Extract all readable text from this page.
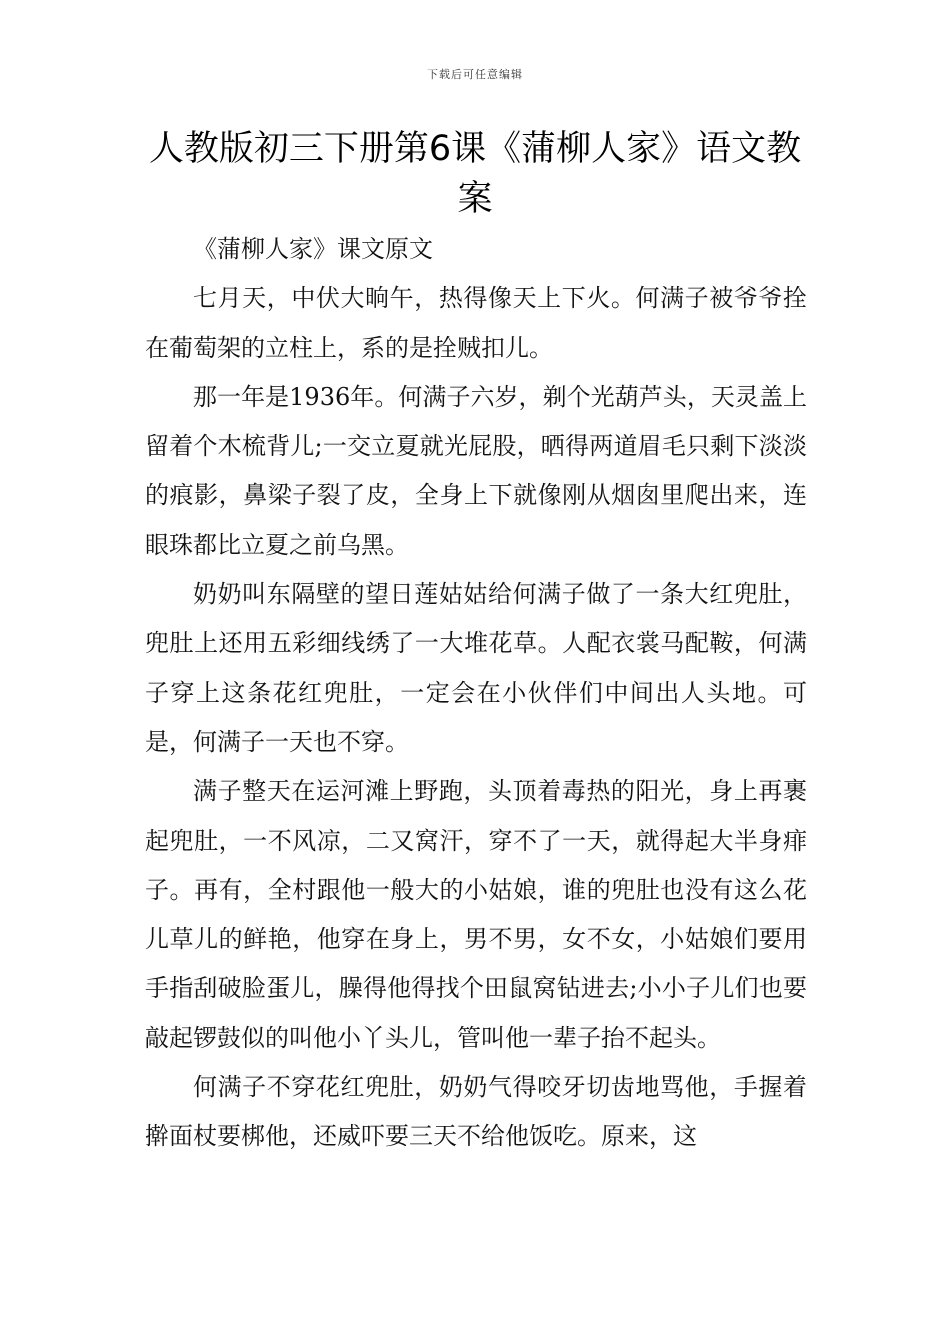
下载后可任意编辑
人教版初三下册第6课《蒲柳人家》语文教案

《蒲柳人家》课文原文

七月天，中伏大晌午，热得像天上下火。何满子被爷爷拴在葡萄架的立柱上，系的是拴贼扣儿。

那一年是1936年。何满子六岁，剃个光葫芦头，天灵盖上留着个木梳背儿;一交立夏就光屁股，晒得两道眉毛只剩下淡淡的痕影，鼻梁子裂了皮，全身上下就像刚从烟囱里爬出来，连眼珠都比立夏之前乌黑。

奶奶叫东隔壁的望日莲姑姑给何满子做了一条大红兜肚，兜肚上还用五彩细线绣了一大堆花草。人配衣裳马配鞍，何满子穿上这条花红兜肚，一定会在小伙伴们中间出人头地。可是，何满子一天也不穿。

满子整天在运河滩上野跑，头顶着毒热的阳光，身上再裹起兜肚，一不风凉，二又窝汗，穿不了一天，就得起大半身痱子。再有，全村跟他一般大的小姑娘，谁的兜肚也没有这么花儿草儿的鲜艳，他穿在身上，男不男，女不女，小姑娘们要用手指刮破脸蛋儿，臊得他得找个田鼠窝钻进去;小小子儿们也要敲起锣鼓似的叫他小丫头儿，管叫他一辈子抬不起头。

何满子不穿花红兜肚，奶奶气得咬牙切齿地骂他，手握着擀面杖要梆他，还威吓要三天不给他饭吃。原来，这
